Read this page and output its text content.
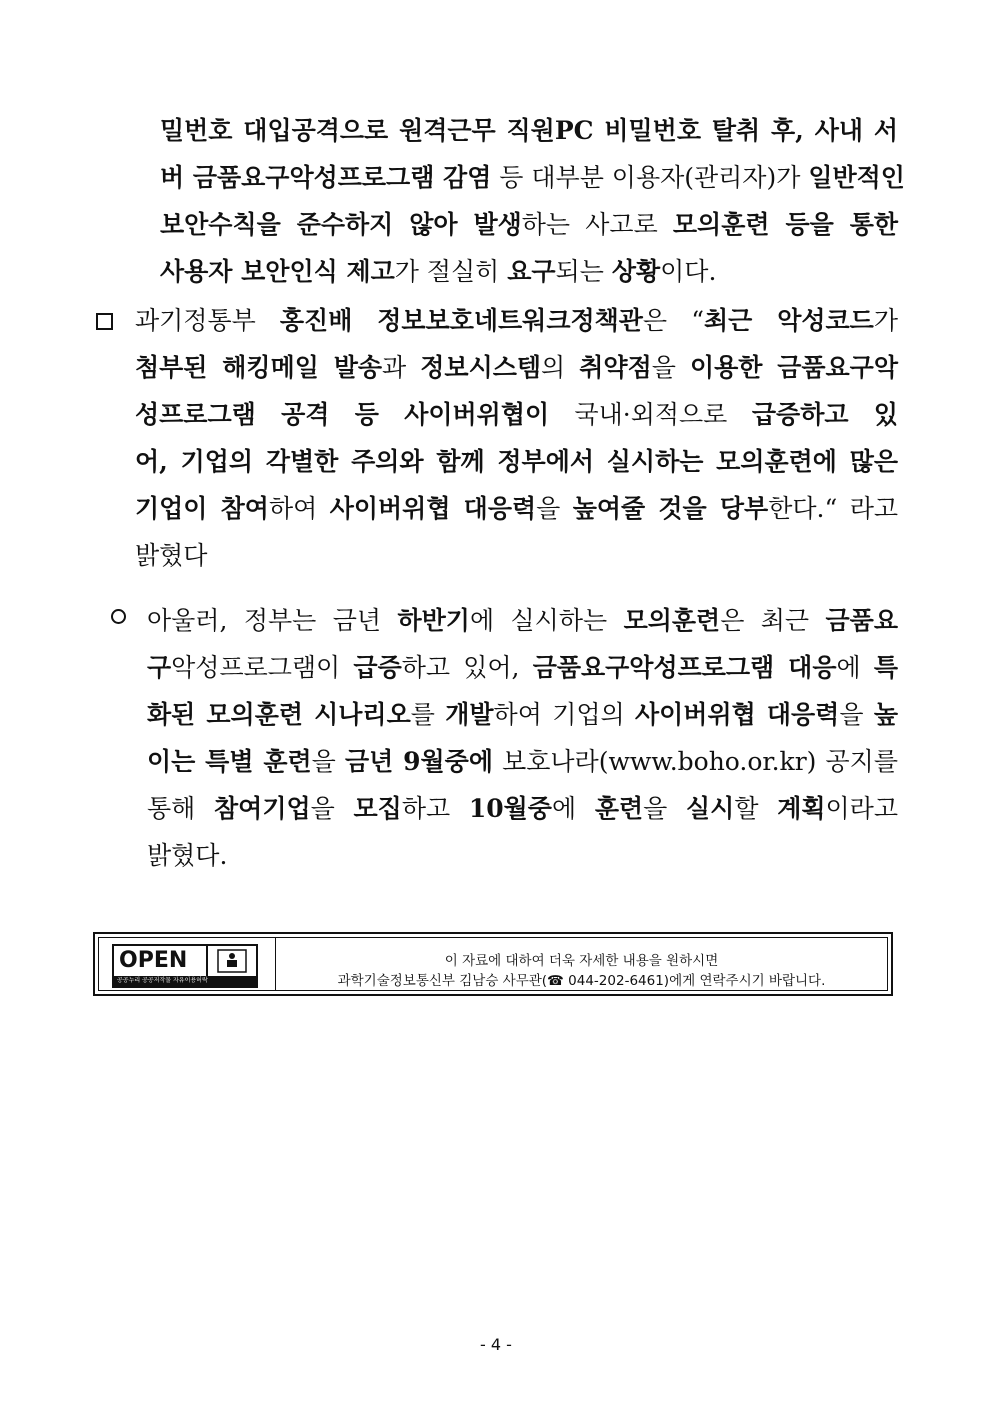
밀번호 대입공격으로 원격근무 직원PC 비밀번호 탈취 후, 사내 서
버 금품요구악성프로그램 감염 등 대부분 이용자(관리자)가 일반적인
보안수칙을 준수하지 않아 발생하는 사고로 모의훈련 등을 통한
사용자 보안인식 제고가 절실히 요구되는 상황이다.
과기정통부 홍진배 정보보호네트워크정책관은 “최근 악성코드가
첨부된 해킹메일 발송과 정보시스템의 취약점을 이용한 금품요구악
성프로그램 공격 등 사이버위협이 국내·외적으로 급증하고 있
어, 기업의 각별한 주의와 함께 정부에서 실시하는 모의훈련에 많은
기업이 참여하여 사이버위협 대응력을 높여줄 것을 당부한다.“ 라고
밝혔다
아울러, 정부는 금년 하반기에 실시하는 모의훈련은 최근 금품요
구악성프로그램이 급증하고 있어, 금품요구악성프로그램 대응에 특
화된 모의훈련 시나리오를 개발하여 기업의 사이버위협 대응력을 높
이는 특별 훈련을 금년 9월중에 보호나라(www.boho.or.kr) 공지를
통해 참여기업을 모집하고 10월중에 훈련을 실시할 계획이라고
밝혔다.
OPEN
공공누리 공공저작물 자유이용허락
이 자료에 대하여 더욱 자세한 내용을 원하시면
과학기술정보통신부 김남승 사무관(☎ 044-202-6461)에게 연락주시기 바랍니다.
- 4 -
